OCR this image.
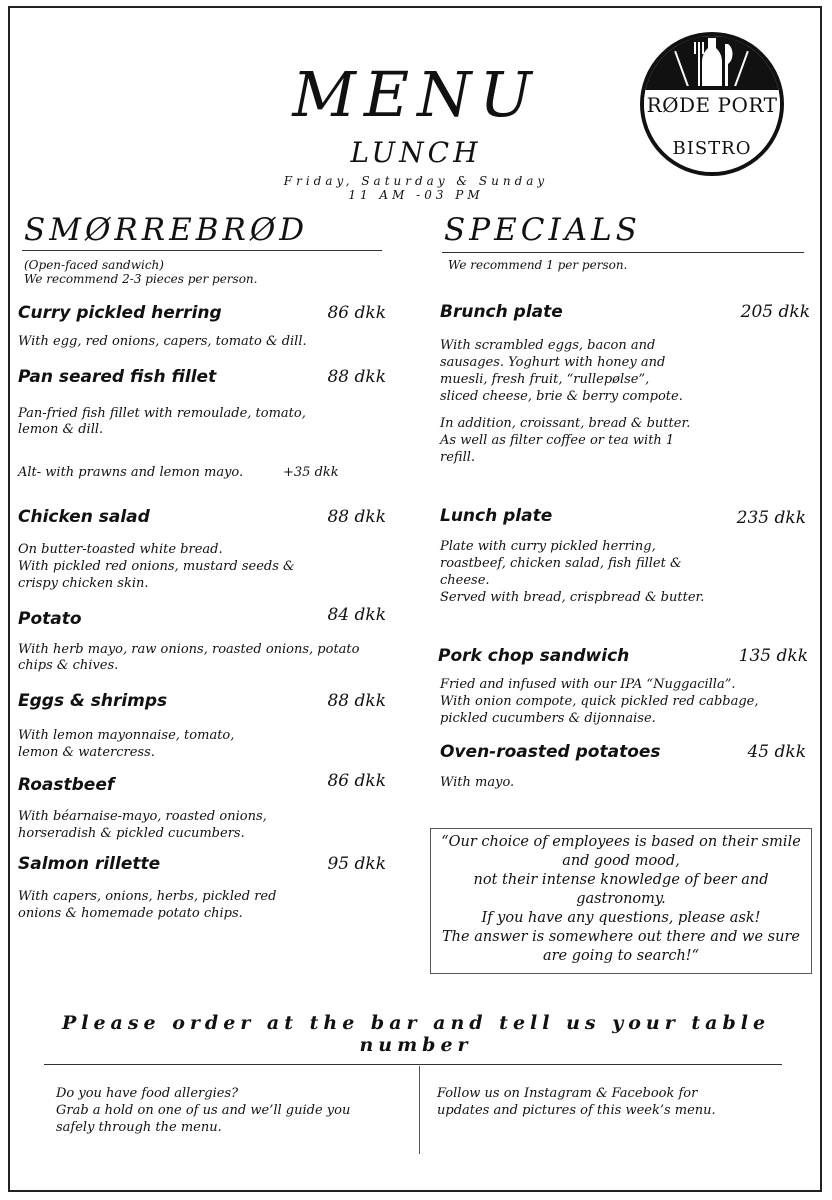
MENU
LUNCH
Friday, Saturday & Sunday
11 AM -03 PM
RØDE PORT
BISTRO
SMØRREBRØD
(Open-faced sandwich)
We recommend 2-3 pieces per person.
Curry pickled herring	86 dkk
With egg, red onions, capers, tomato & dill.
Pan seared fish fillet	88 dkk
Pan-fried fish fillet with remoulade, tomato,
lemon & dill.
Alt- with prawns and lemon mayo.	+35 dkk
Chicken salad	88 dkk
On butter-toasted white bread.
With pickled red onions, mustard seeds &
crispy chicken skin.
Potato	84 dkk
With herb mayo, raw onions, roasted onions, potato
chips & chives.
Eggs & shrimps	88 dkk
With lemon mayonnaise, tomato,
lemon & watercress.
Roastbeef	86 dkk
With béarnaise-mayo, roasted onions,
horseradish & pickled cucumbers.
Salmon rillette	95 dkk
With capers, onions, herbs, pickled red
onions & homemade potato chips.
SPECIALS
We recommend 1 per person.
Brunch plate	205 dkk
With scrambled eggs, bacon and
sausages. Yoghurt with honey and
muesli, fresh fruit, “rullepølse”,
sliced cheese, brie & berry compote.
In addition, croissant, bread & butter.
As well as filter coffee or tea with 1
refill.
Lunch plate	235 dkk
Plate with curry pickled herring,
roastbeef, chicken salad, fish fillet &
cheese.
Served with bread, crispbread & butter.
Pork chop sandwich	135 dkk
Fried and infused with our IPA “Nuggacilla”.
With onion compote, quick pickled red cabbage,
pickled cucumbers & dijonnaise.
Oven-roasted potatoes	45 dkk
With mayo.
“Our choice of employees is based on their smile
and good mood,
not their intense knowledge of beer and
gastronomy.
If you have any questions, please ask!
The answer is somewhere out there and we sure
are going to search!“
Please order at the bar and tell us your table number
Do you have food allergies?
Grab a hold on one of us and we’ll guide you
safely through the menu.
Follow us on Instagram & Facebook for
updates and pictures of this week’s menu.
